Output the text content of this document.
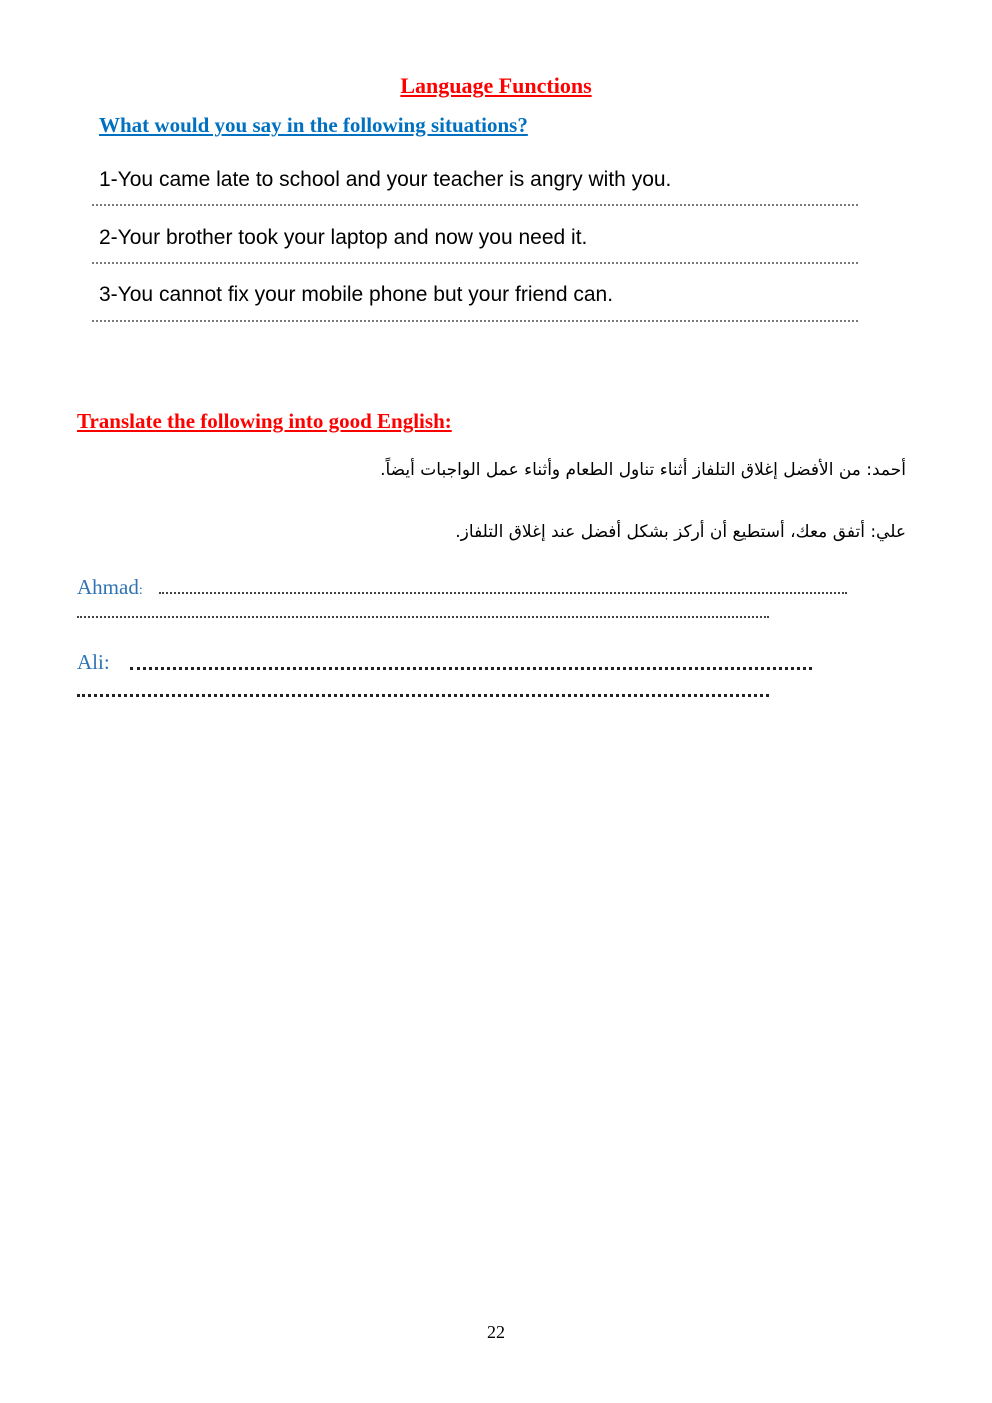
Language Functions
What would you say in the following situations?
1-You came late to school and your teacher is angry with you.
2-Your brother took your laptop and now you need it.
3-You cannot fix your mobile phone but your friend can.
Translate the following into good English:
أحمد: من الأفضل إغلاق التلفاز أثناء تناول الطعام وأثناء عمل الواجبات أيضاً.
علي: أتفق معك، أستطيع أن أركز بشكل أفضل عند إغلاق التلفاز.
Ahmad:
Ali:
22
